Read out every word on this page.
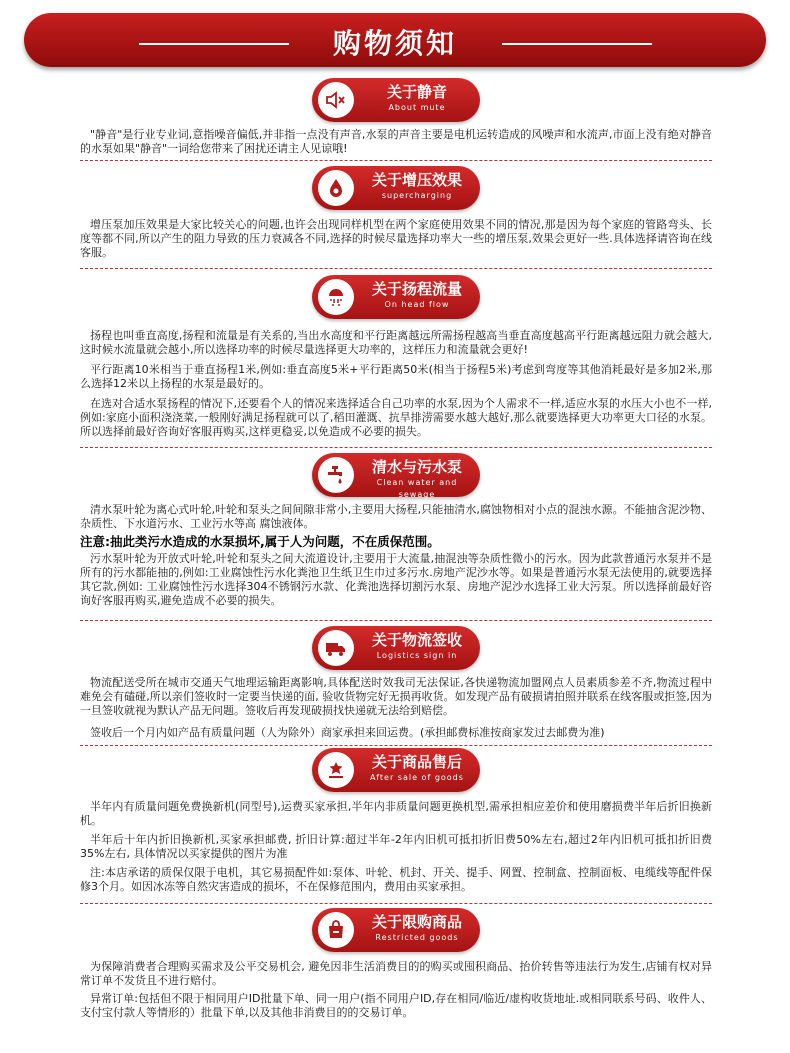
购物须知
关于静音
About mute

"静音"是行业专业词,意指噪音偏低,并非指一点没有声音,水泵的声音主要是电机运转造成的风噪声和水流声,市面上没有绝对静音的水泵如果"静音"一词给您带来了困扰还请主人见谅哦!

关于增压效果
supercharging

增压泵加压效果是大家比较关心的问题,也许会出现同样机型在两个家庭使用效果不同的情况,那是因为每个家庭的管路弯头、长度等都不同,所以产生的阻力导致的压力衰减各不同,选择的时候尽量选择功率大一些的增压泵,效果会更好一些.具体选择请咨询在线客服。

关于扬程流量
On head flow

扬程也叫垂直高度,扬程和流量是有关系的,当出水高度和平行距离越远所需扬程越高当垂直高度越高平行距离越远阻力就会越大,这时候水流量就会越小,所以选择功率的时候尽量选择更大功率的，这样压力和流量就会更好!

平行距离10米相当于垂直扬程1米,例如:垂直高度5米+平行距离50米(相当于扬程5米)考虑到弯度等其他消耗最好是多加2米,那么选择12米以上扬程的水泵是最好的。

在选对合适水泵扬程的情况下,还要看个人的情况来选择适合自己功率的水泵,因为个人需求不一样,适应水泵的水压大小也不一样,例如:家庭小面积浇浇菜,一般刚好满足扬程就可以了,稻田灌溉、抗旱排涝需要水越大越好,那么就要选择更大功率更大口径的水泵。所以选择前最好咨询好客服再购买,这样更稳妥,以免造成不必要的损失。

清水与污水泵
Clean water and sewage

清水泵叶轮为离心式叶轮,叶轮和泵头之间间隙非常小,主要用大扬程,只能抽清水,腐蚀物相对小点的混浊水源。不能抽含泥沙物、杂质性、下水道污水、工业污水等高 腐蚀液体。

注意:抽此类污水造成的水泵损坏,属于人为问题，不在质保范围。

污水泵叶轮为开放式叶轮,叶轮和泵头之间大流道设计,主要用于大流量,抽混浊等杂质性微小的污水。因为此款普通污水泵并不是所有的污水都能抽的,例如:工业腐蚀性污水化粪池卫生纸卫生巾过多污水.房地产泥沙水等。如果是普通污水泵无法使用的,就要选择其它款,例如: 工业腐蚀性污水选择304不锈钢污水款、化粪池选择切割污水泵、房地产泥沙水选择工业大污泵。所以选择前最好咨询好客服再购买,避免造成不必要的损失。

关于物流签收
Logistics sign in

物流配送受所在城市交通天气地理运输距离影响,具体配送时效我司无法保证,各快递物流加盟网点人员素质参差不齐,物流过程中难免会有磕碰,所以亲们签收时一定要当快递的面, 验收货物完好无损再收货。如发现产品有破损请拍照并联系在线客服或拒签,因为一旦签收就视为默认产品无问题。签收后再发现破损找快递就无法给到赔偿。

签收后一个月内如产品有质量问题（人为除外）商家承担来回运费。(承担邮费标准按商家发过去邮费为准)

关于商品售后
After sale of goods

半年内有质量问题免费换新机(同型号),运费买家承担,半年内非质量问题更换机型,需承担相应差价和使用磨损费半年后折旧换新机。

半年后十年内折旧换新机,买家承担邮费, 折旧计算:超过半年-2年内旧机可抵扣折旧费50%左右,超过2年内旧机可抵扣折旧费35%左右, 具体情况以买家提供的图片为准

注:本店承诺的质保仅限于电机，其它易损配件如:泵体、叶轮、机封、开关、提手、网置、控制盒、控制面板、电缆线等配件保修3个月。如因冰冻等自然灾害造成的损坏，不在保修范围内，费用由买家承担。

关于限购商品
Restricted goods

为保障消费者合理购买需求及公平交易机会, 避免因非生活消费目的的购买或囤积商品、抬价转售等违法行为发生,店铺有权对异常订单不发货且不进行赔付。

异常订单:包括但不限于相同用户ID批量下单、同一用户(指不同用户ID,存在相同/临近/虚构收货地址.或相同联系号码、收件人、支付宝付款人等情形的）批量下单,以及其他非消费目的的交易订单。
